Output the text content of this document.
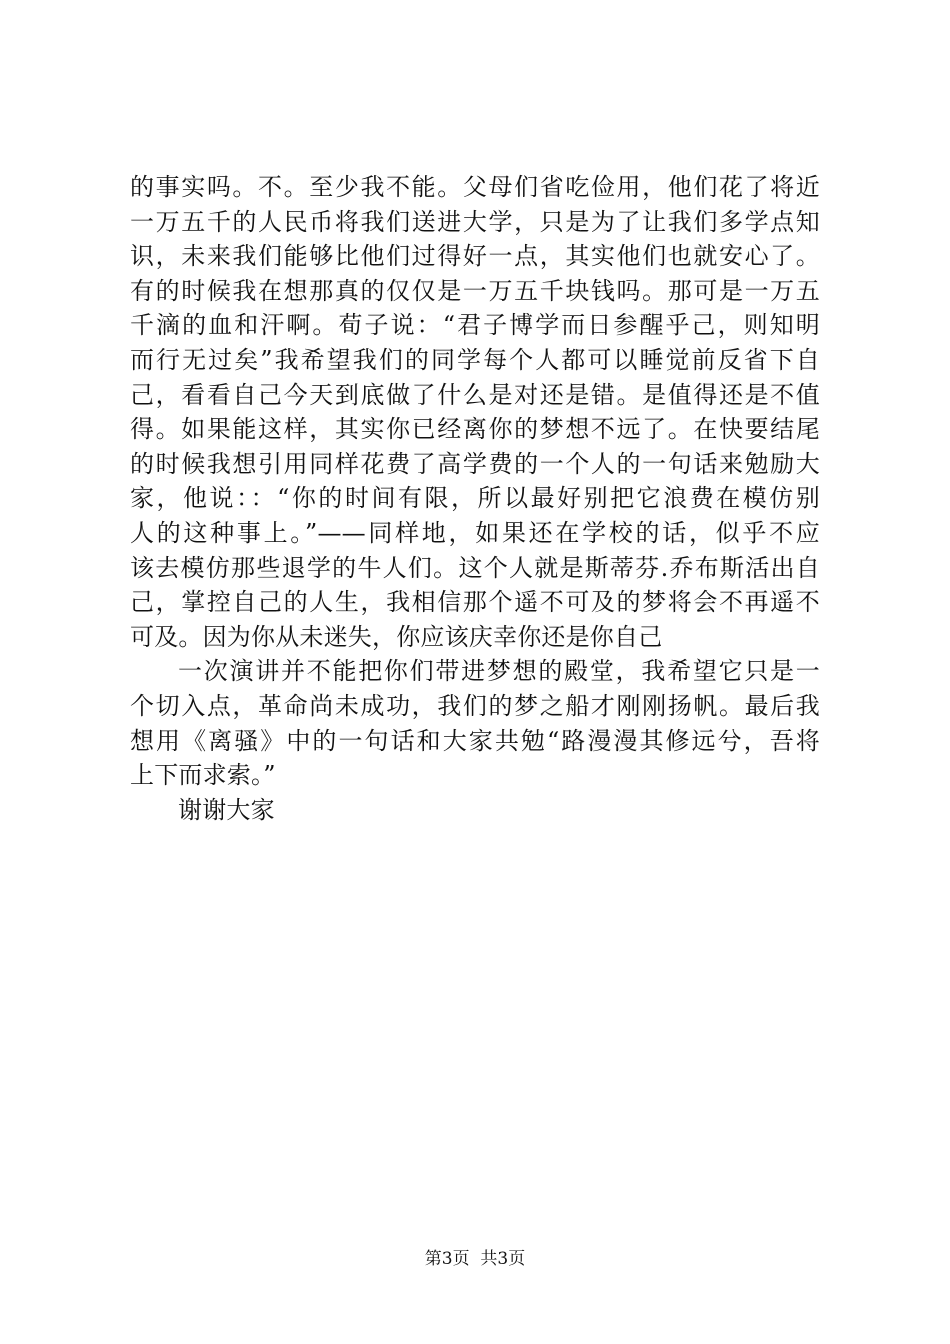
的事实吗。不。至少我不能。父母们省吃俭用，他们花了将近
一万五千的人民币将我们送进大学，只是为了让我们多学点知
识，未来我们能够比他们过得好一点，其实他们也就安心了。
有的时候我在想那真的仅仅是一万五千块钱吗。那可是一万五
千滴的血和汗啊。荀子说：“君子博学而日参醒乎己，则知明
而行无过矣”我希望我们的同学每个人都可以睡觉前反省下自
己，看看自己今天到底做了什么是对还是错。是值得还是不值
得。如果能这样，其实你已经离你的梦想不远了。在快要结尾
的时候我想引用同样花费了高学费的一个人的一句话来勉励大
家，他说：：“你的时间有限，所以最好别把它浪费在模仿别
人的这种事上。”——同样地，如果还在学校的话，似乎不应
该去模仿那些退学的牛人们。这个人就是斯蒂芬.乔布斯活出自
己，掌控自己的人生，我相信那个遥不可及的梦将会不再遥不
可及。因为你从未迷失，你应该庆幸你还是你自己
一次演讲并不能把你们带进梦想的殿堂，我希望它只是一
个切入点，革命尚未成功，我们的梦之船才刚刚扬帆。最后我
想用《离骚》中的一句话和大家共勉“路漫漫其修远兮，吾将
上下而求索。”
谢谢大家
第3页  共3页
